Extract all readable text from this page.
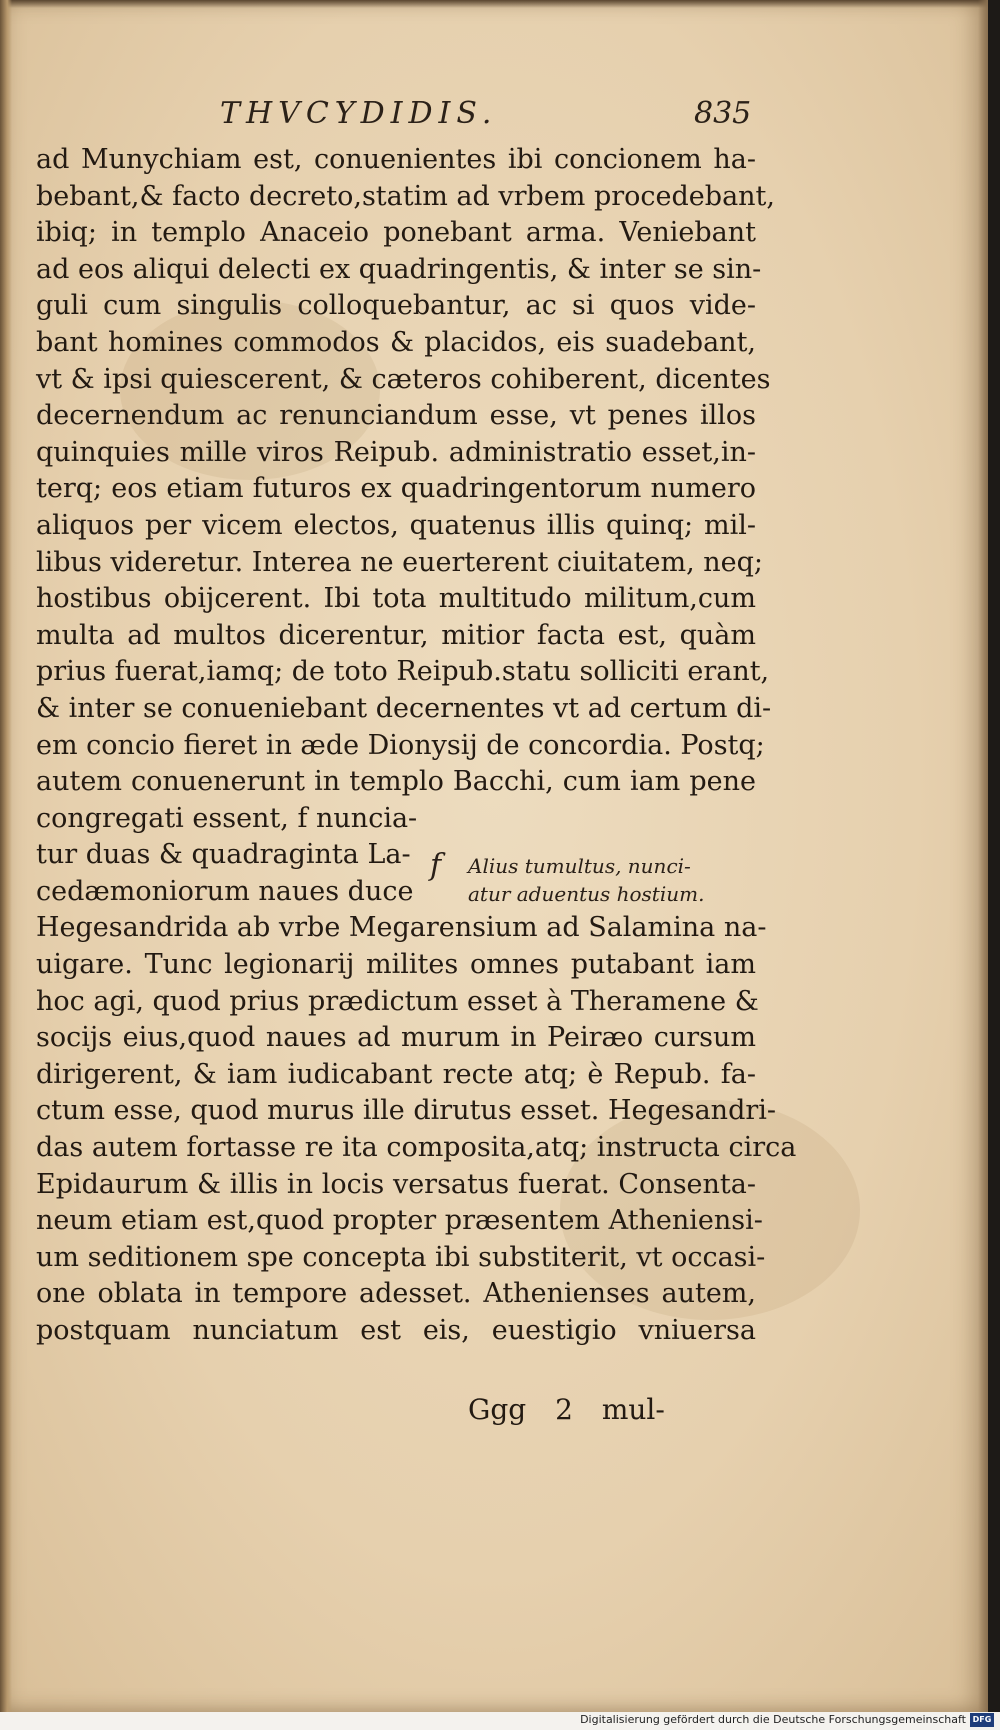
THVCYDIDIS.	835
ad Munychiam est, conuenientes ibi concionem ha-
bebant,& facto decreto,statim ad vrbem procedebant,
ibiq; in templo Anaceio ponebant arma. Veniebant
ad eos aliqui delecti ex quadringentis, & inter se sin-
guli cum singulis colloquebantur, ac si quos vide-
bant homines commodos & placidos, eis suadebant,
vt & ipsi quiescerent, & cæteros cohiberent, dicentes
decernendum ac renunciandum esse, vt penes illos
quinquies mille viros Reipub. administratio esset,in-
terq; eos etiam futuros ex quadringentorum numero
aliquos per vicem electos, quatenus illis quinq; mil-
libus videretur. Interea ne euerterent ciuitatem, neq;
hostibus obijcerent. Ibi tota multitudo militum,cum
multa ad multos dicerentur, mitior facta est, quàm
prius fuerat,iamq; de toto Reipub.statu solliciti erant,
& inter se conueniebant decernentes vt ad certum di-
em concio fieret in æde Dionysij de concordia. Postq;
autem conuenerunt in templo Bacchi, cum iam pene
congregati essent, f nuncia-
tur duas & quadraginta La-
cedæmoniorum naues duce
Hegesandrida ab vrbe Megarensium ad Salamina na-
uigare. Tunc legionarij milites omnes putabant iam
hoc agi, quod prius prædictum esset à Theramene &
socijs eius,quod naues ad murum in Peiræo cursum
dirigerent, & iam iudicabant recte atq; è Repub. fa-
ctum esse, quod murus ille dirutus esset. Hegesandri-
das autem fortasse re ita composita,atq; instructa circa
Epidaurum & illis in locis versatus fuerat. Consenta-
neum etiam est,quod propter præsentem Atheniensi-
um seditionem spe concepta ibi substiterit, vt occasi-
one oblata in tempore adesset. Athenienses autem,
postquam nunciatum est eis, euestigio vniuersa
f	Alius tumultus, nunci-
atur aduentus hostium.
Ggg 2 mul-
Digitalisierung gefördert durch die Deutsche Forschungsgemeinschaft DFG
